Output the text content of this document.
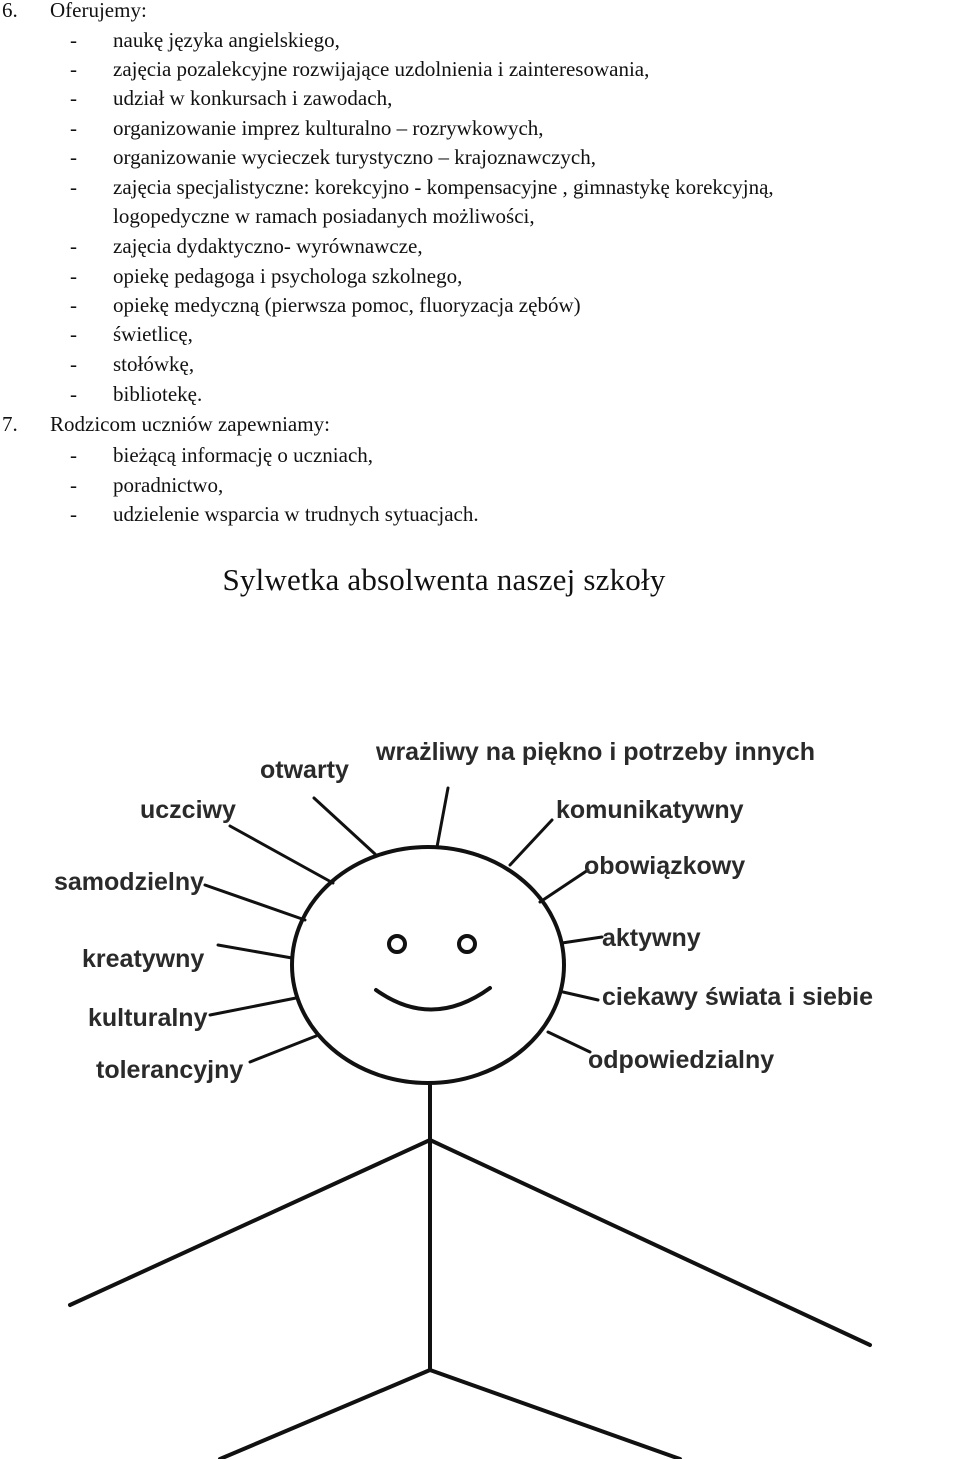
6. Oferujemy:
- naukę języka angielskiego,
- zajęcia pozalekcyjne rozwijające uzdolnienia i zainteresowania,
- udział w konkursach i zawodach,
- organizowanie imprez kulturalno – rozrywkowych,
- organizowanie wycieczek turystyczno – krajoznawczych,
- zajęcia specjalistyczne: korekcyjno - kompensacyjne , gimnastykę korekcyjną,
logopedyczne w ramach posiadanych możliwości,
- zajęcia dydaktyczno- wyrównawcze,
- opiekę pedagoga i psychologa szkolnego,
- opiekę medyczną (pierwsza pomoc, fluoryzacja zębów)
- świetlicę,
- stołówkę,
- bibliotekę.
7. Rodzicom uczniów zapewniamy:
- bieżącą informację o uczniach,
- poradnictwo,
- udzielenie wsparcia w trudnych sytuacjach.
Sylwetka absolwenta naszej szkoły
otwarty
uczciwy
samodzielny
kreatywny
kulturalny
tolerancyjny
wrażliwy na piękno i potrzeby innych
komunikatywny
obowiązkowy
aktywny
ciekawy świata i siebie
odpowiedzialny
